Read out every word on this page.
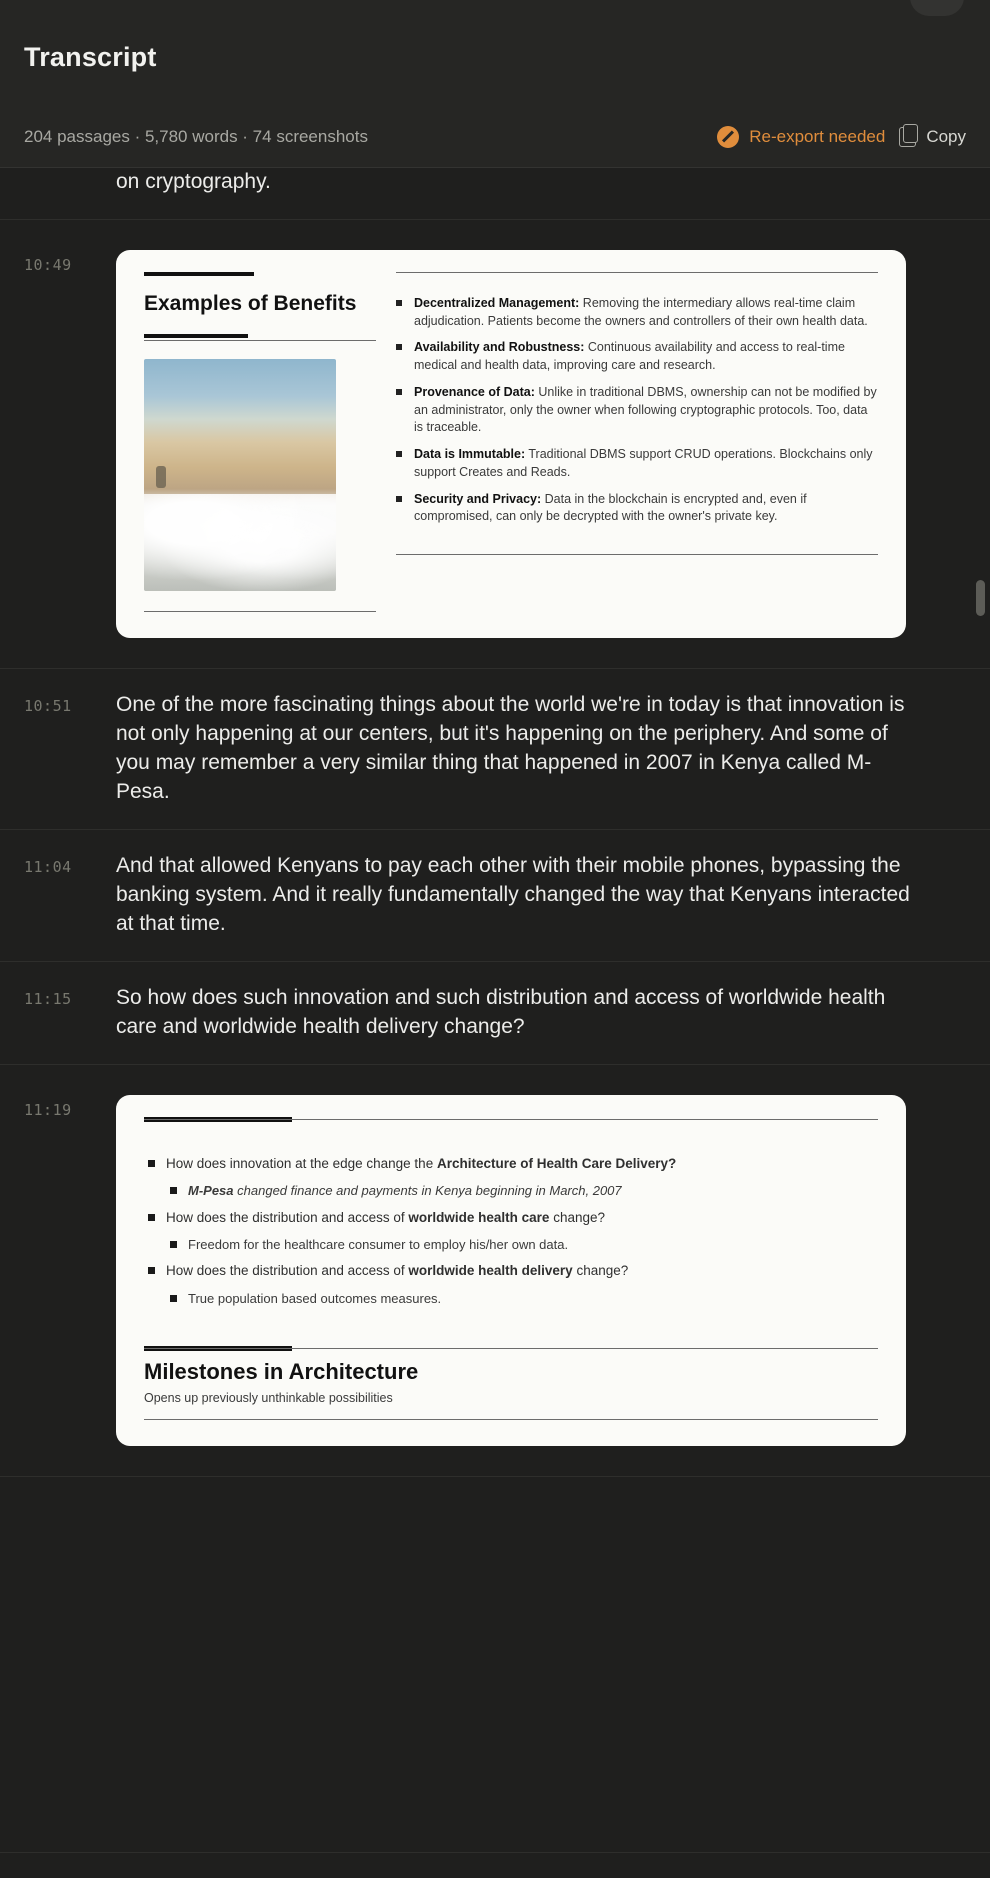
Transcript
204 passages · 5,780 words · 74 screenshots	Re-export needed Copy
on cryptography.
10:49
Examples of Benefits	Decentralized Management: Removing the intermediary allows real-time claim adjudication. Patients become the owners and controllers of their own health data.
Availability and Robustness: Continuous availability and access to real-time medical and health data, improving care and research.
Provenance of Data: Unlike in traditional DBMS, ownership can not be modified by an administrator, only the owner when following cryptographic protocols. Too, data is traceable.
Data is Immutable: Traditional DBMS support CRUD operations. Blockchains only support Creates and Reads.
Security and Privacy: Data in the blockchain is encrypted and, even if compromised, can only be decrypted with the owner's private key.
10:51	One of the more fascinating things about the world we're in today is that innovation is not only happening at our centers, but it's happening on the periphery. And some of you may remember a very similar thing that happened in 2007 in Kenya called M-Pesa.
11:04	And that allowed Kenyans to pay each other with their mobile phones, bypassing the banking system. And it really fundamentally changed the way that Kenyans interacted at that time.
11:15	So how does such innovation and such distribution and access of worldwide health care and worldwide health delivery change?
11:19
How does innovation at the edge change the Architecture of Health Care Delivery?
M-Pesa changed finance and payments in Kenya beginning in March, 2007
How does the distribution and access of worldwide health care change?
Freedom for the healthcare consumer to employ his/her own data.
How does the distribution and access of worldwide health delivery change?
True population based outcomes measures.
Milestones in Architecture
Opens up previously unthinkable possibilities
